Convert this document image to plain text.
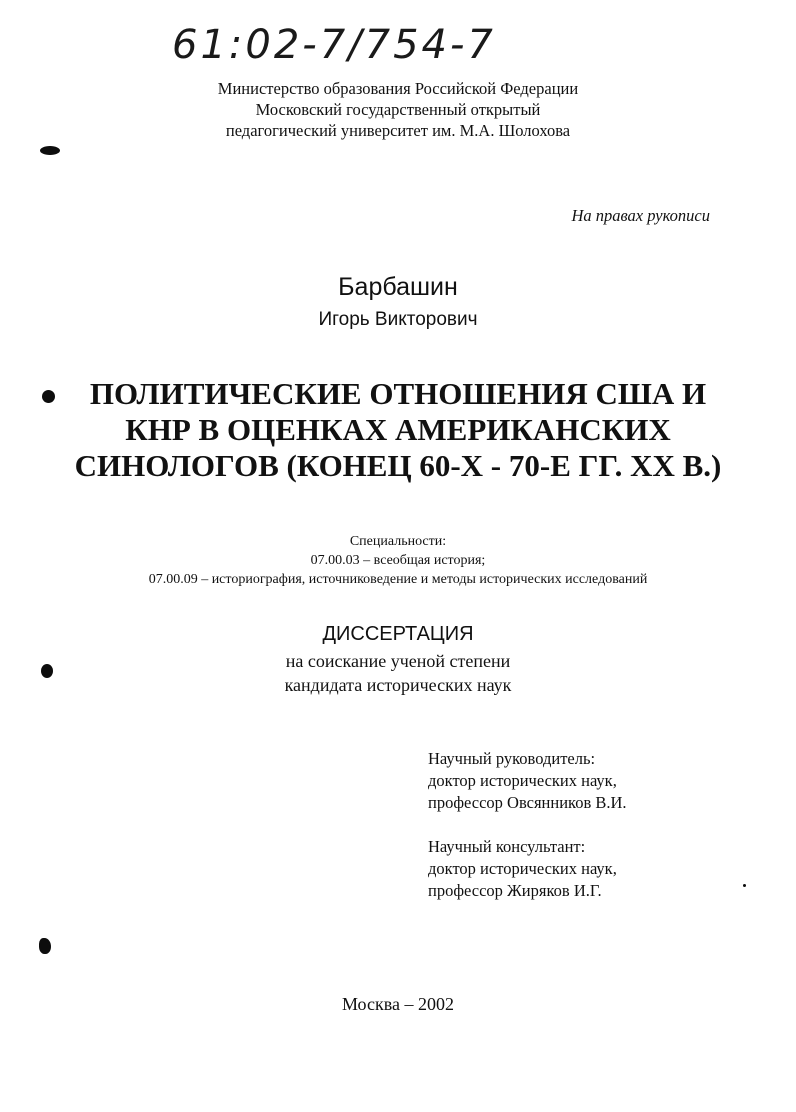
61:02-7/754-7
Министерство образования Российской Федерации
Московский государственный открытый
педагогический университет им. М.А. Шолохова
На правах рукописи
Барбашин
Игорь Викторович
ПОЛИТИЧЕСКИЕ ОТНОШЕНИЯ США И
КНР В ОЦЕНКАХ АМЕРИКАНСКИХ
СИНОЛОГОВ (КОНЕЦ 60-Х - 70-Е ГГ. XX В.)
Специальности:
07.00.03 – всеобщая история;
07.00.09 – историография, источниковедение и методы исторических исследований
ДИССЕРТАЦИЯ
на соискание ученой степени
кандидата исторических наук
Научный руководитель:
доктор исторических наук,
профессор Овсянников В.И.
Научный консультант:
доктор исторических наук,
профессор Жиряков И.Г.
Москва – 2002
